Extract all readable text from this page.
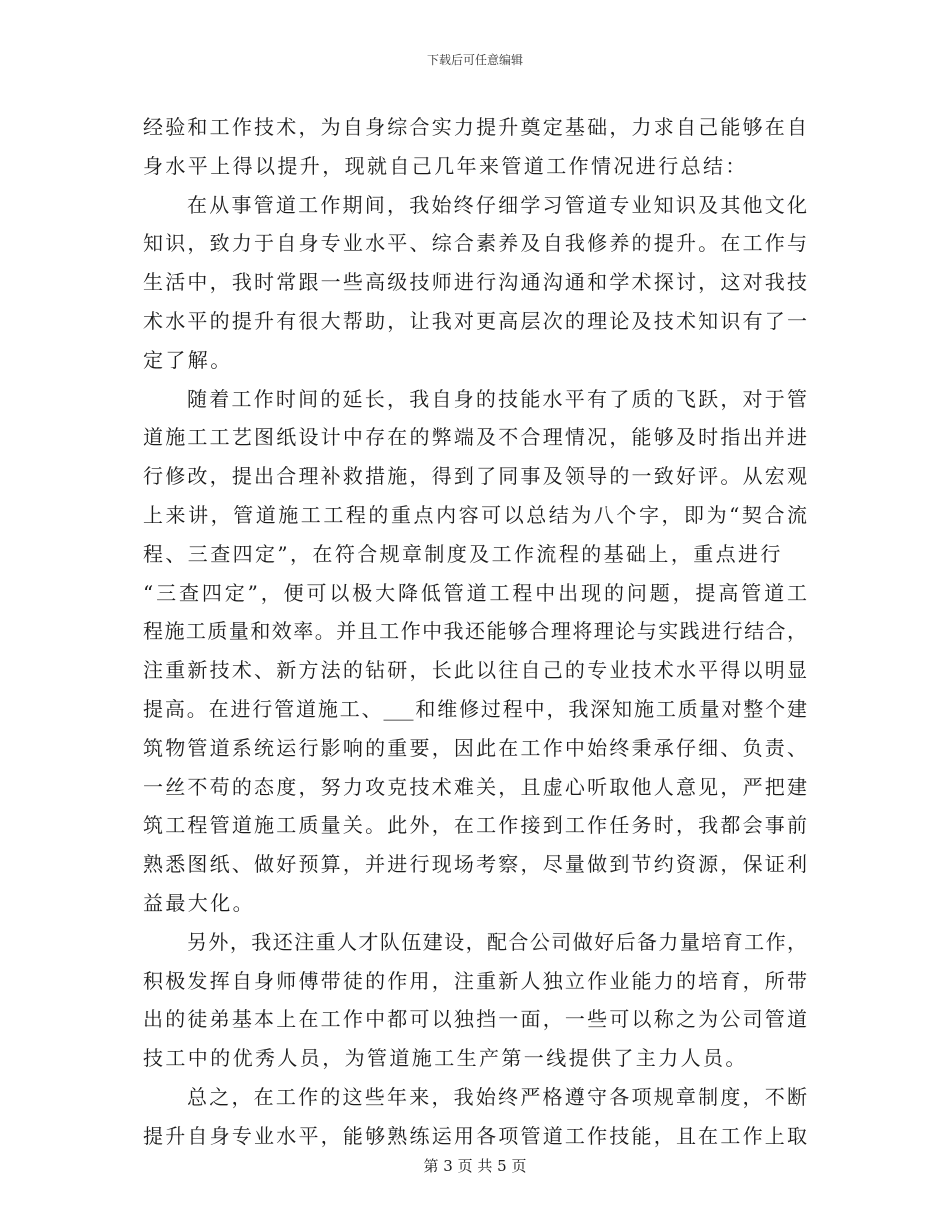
下载后可任意编辑
经验和工作技术，为自身综合实力提升奠定基础，力求自己能够在自
身水平上得以提升，现就自己几年来管道工作情况进行总结：
在从事管道工作期间，我始终仔细学习管道专业知识及其他文化
知识，致力于自身专业水平、综合素养及自我修养的提升。在工作与
生活中，我时常跟一些高级技师进行沟通沟通和学术探讨，这对我技
术水平的提升有很大帮助，让我对更高层次的理论及技术知识有了一
定了解。
随着工作时间的延长，我自身的技能水平有了质的飞跃，对于管
道施工工艺图纸设计中存在的弊端及不合理情况，能够及时指出并进
行修改，提出合理补救措施，得到了同事及领导的一致好评。从宏观
上来讲，管道施工工程的重点内容可以总结为八个字，即为“契合流
程、三查四定”，在符合规章制度及工作流程的基础上，重点进行
“三查四定”，便可以极大降低管道工程中出现的问题，提高管道工
程施工质量和效率。并且工作中我还能够合理将理论与实践进行结合，
注重新技术、新方法的钻研，长此以往自己的专业技术水平得以明显
提高。在进行管道施工、___和维修过程中，我深知施工质量对整个建
筑物管道系统运行影响的重要，因此在工作中始终秉承仔细、负责、
一丝不苟的态度，努力攻克技术难关，且虚心听取他人意见，严把建
筑工程管道施工质量关。此外，在工作接到工作任务时，我都会事前
熟悉图纸、做好预算，并进行现场考察，尽量做到节约资源，保证利
益最大化。
另外，我还注重人才队伍建设，配合公司做好后备力量培育工作，
积极发挥自身师傅带徒的作用，注重新人独立作业能力的培育，所带
出的徒弟基本上在工作中都可以独挡一面，一些可以称之为公司管道
技工中的优秀人员，为管道施工生产第一线提供了主力人员。
总之，在工作的这些年来，我始终严格遵守各项规章制度，不断
提升自身专业水平，能够熟练运用各项管道工作技能，且在工作上取
第 3 页 共 5 页
